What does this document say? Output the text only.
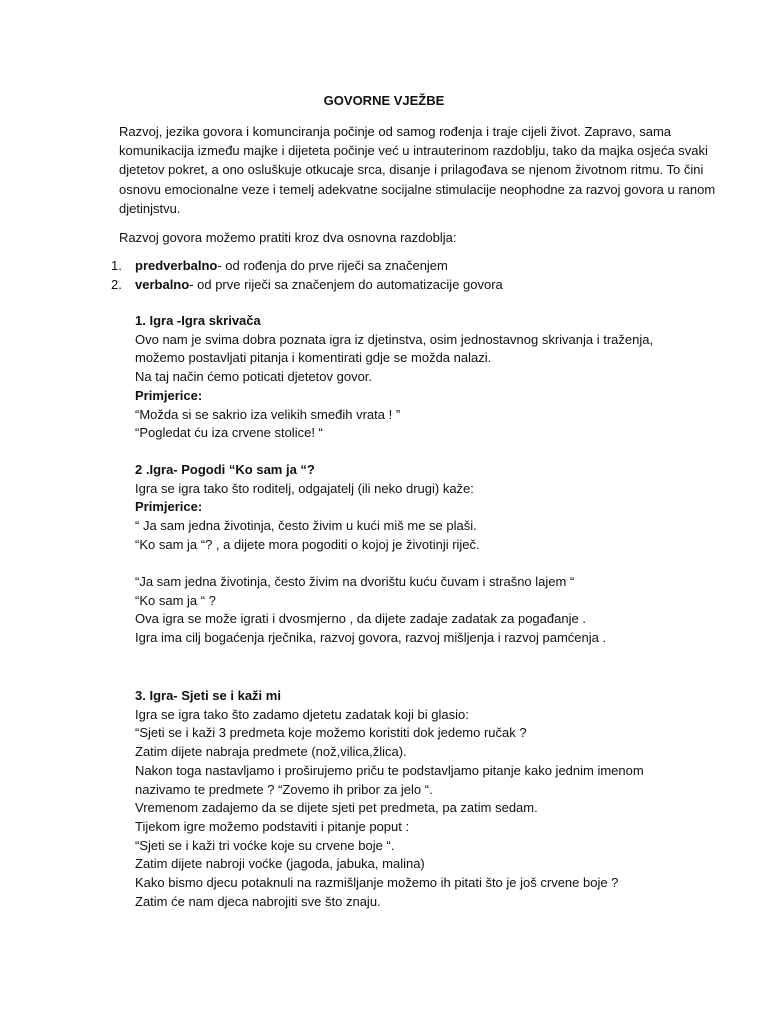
GOVORNE VJEŽBE
Razvoj, jezika govora i komunciranja počinje od samog rođenja i traje cijeli život. Zapravo, sama
komunikacija između majke i dijeteta počinje već u intrauterinom razdoblju, tako da majka osjeća svaki
djetetov pokret, a ono osluškuje otkucaje srca, disanje i prilagođava se njenom životnom ritmu. To čini
osnovu emocionalne veze i temelj adekvatne socijalne stimulacije neophodne za razvoj govora u ranom
djetinjstvu.
Razvoj govora možemo pratiti kroz dva osnovna razdoblja:
1.	predverbalno - od rođenja do prve riječi sa značenjem
2.	verbalno - od prve riječi sa značenjem do automatizacije govora
1. Igra -Igra skrivača
Ovo nam je svima dobra poznata igra iz djetinstva, osim jednostavnog skrivanja i traženja,
možemo postavljati pitanja i komentirati gdje se možda nalazi.
Na taj način ćemo poticati djetetov govor.
Primjerice:
“Možda si se sakrio iza velikih smeđih vrata ! ”
“Pogledat ću iza crvene stolice! “
2 .Igra- Pogodi “Ko sam ja “?
Igra se igra tako što roditelj, odgajatelj (ili neko drugi) kaže:
Primjerice:
“ Ja sam jedna životinja, često živim u kući miš me se plaši.
“Ko sam ja “? , a dijete mora pogoditi o kojoj je životinji riječ.
“Ja sam jedna životinja, često živim na dvorištu kuću čuvam i strašno lajem “
“Ko sam ja “ ?
Ova igra se može igrati i dvosmjerno , da dijete zadaje zadatak za pogađanje .
Igra ima cilj bogaćenja rječnika, razvoj govora, razvoj mišljenja i razvoj pamćenja .
3. Igra- Sjeti se i kaži mi
Igra se igra tako što zadamo djetetu zadatak koji bi glasio:
“Sjeti se i kaži 3 predmeta koje možemo koristiti dok jedemo ručak ?
Zatim dijete nabraja predmete (nož,vilica,žlica).
Nakon toga nastavljamo i proširujemo priču te podstavljamo pitanje kako jednim imenom
nazivamo te predmete ? “Zovemo ih pribor za jelo “.
Vremenom zadajemo da se dijete sjeti pet predmeta, pa zatim sedam.
Tijekom igre možemo podstaviti i pitanje poput :
“Sjeti se i kaži tri voćke koje su crvene boje “.
Zatim dijete nabroji voćke (jagoda, jabuka, malina)
Kako bismo djecu potaknuli na razmišljanje možemo ih pitati što je još crvene boje ?
Zatim će nam djeca nabrojiti sve što znaju.
